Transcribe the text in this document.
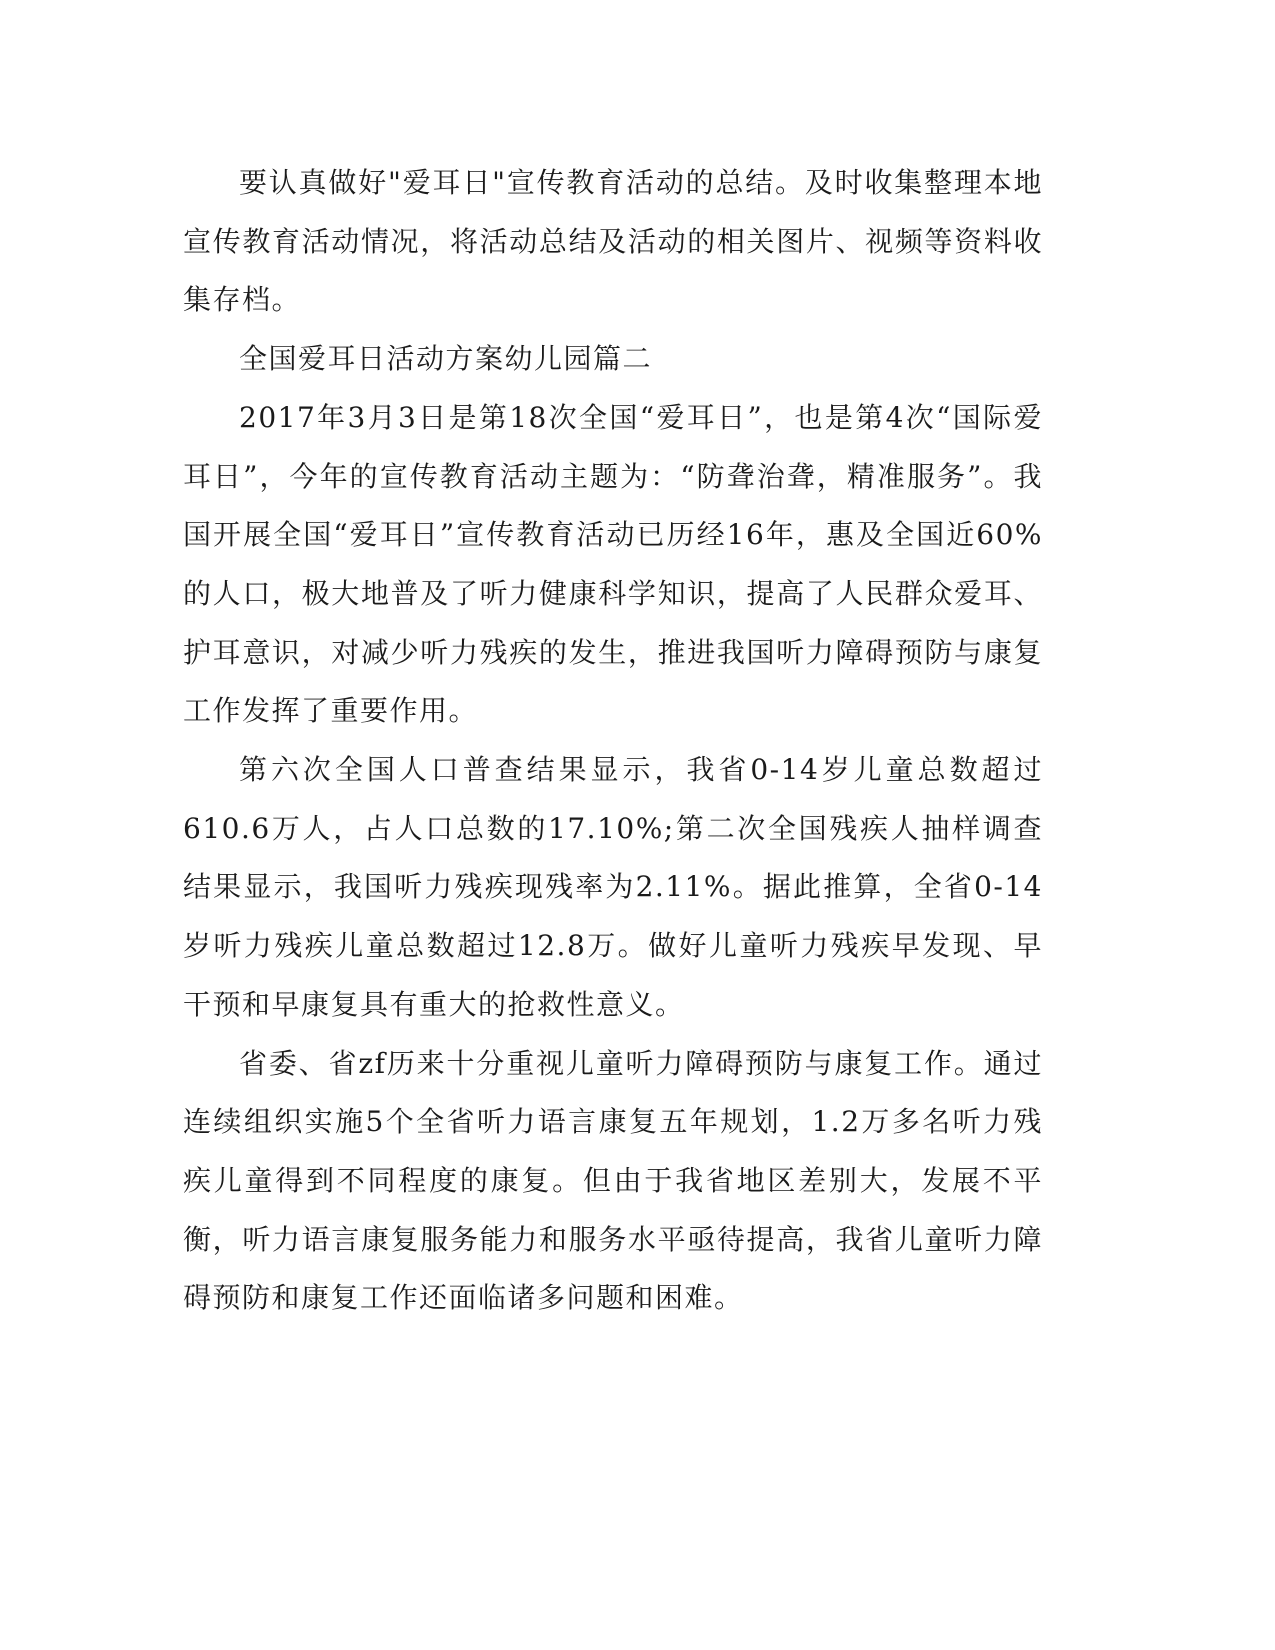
要认真做好"爱耳日"宣传教育活动的总结。及时收集整理本地宣传教育活动情况，将活动总结及活动的相关图片、视频等资料收集存档。

全国爱耳日活动方案幼儿园篇二

2017年3月3日是第18次全国“爱耳日”，也是第4次“国际爱耳日”，今年的宣传教育活动主题为：“防聋治聋，精准服务”。我国开展全国“爱耳日”宣传教育活动已历经16年，惠及全国近60%的人口，极大地普及了听力健康科学知识，提高了人民群众爱耳、护耳意识，对减少听力残疾的发生，推进我国听力障碍预防与康复工作发挥了重要作用。

第六次全国人口普查结果显示，我省0-14岁儿童总数超过610.6万人，占人口总数的17.10%;第二次全国残疾人抽样调查结果显示，我国听力残疾现残率为2.11%。据此推算，全省0-14岁听力残疾儿童总数超过12.8万。做好儿童听力残疾早发现、早干预和早康复具有重大的抢救性意义。

省委、省zf历来十分重视儿童听力障碍预防与康复工作。通过连续组织实施5个全省听力语言康复五年规划，1.2万多名听力残疾儿童得到不同程度的康复。但由于我省地区差别大，发展不平衡，听力语言康复服务能力和服务水平亟待提高，我省儿童听力障碍预防和康复工作还面临诸多问题和困难。
